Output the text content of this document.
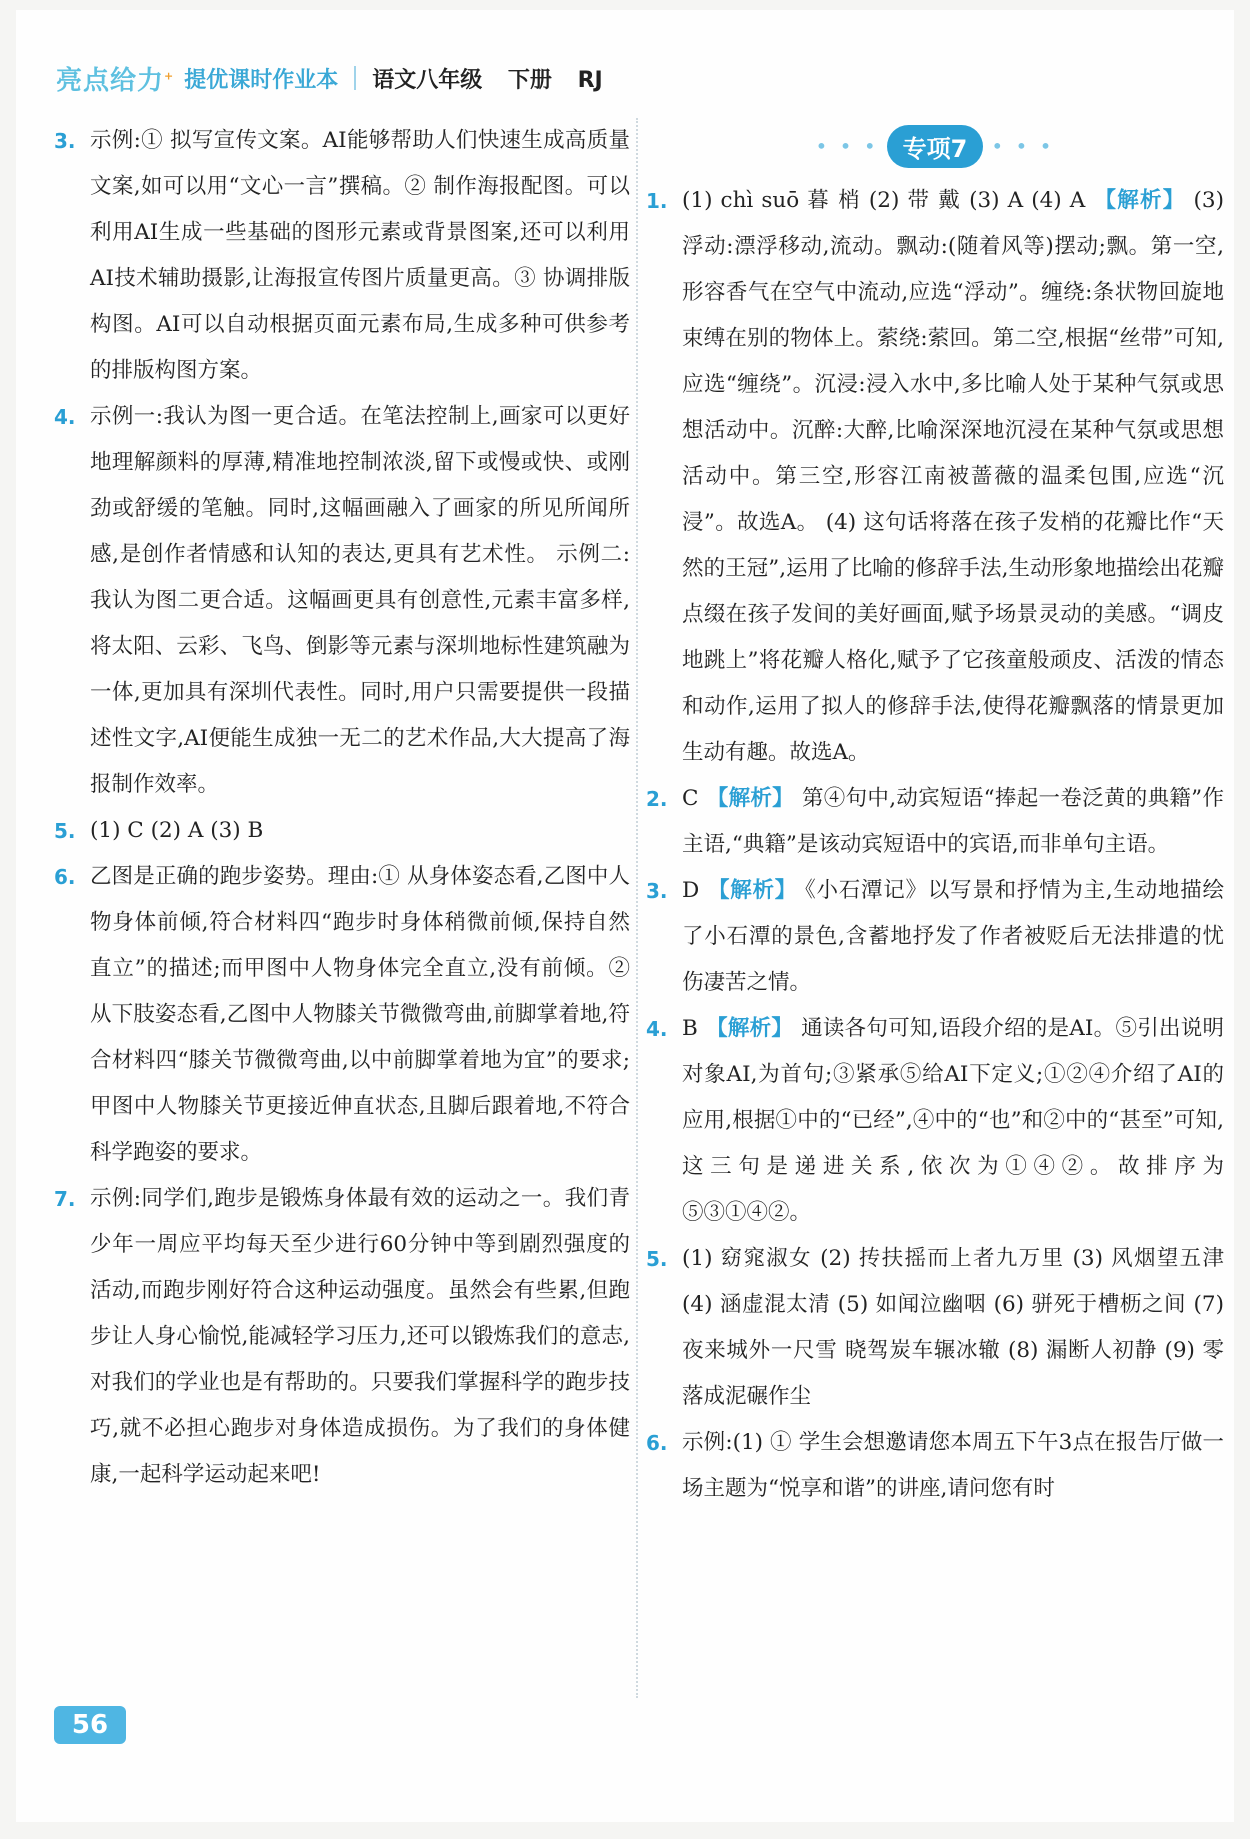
亮点给力+ 提优课时作业本 语文八年级 下册 RJ
3. 示例:① 拟写宣传文案。AI能够帮助人们快速生成高质量文案,如可以用“文心一言”撰稿。② 制作海报配图。可以利用AI生成一些基础的图形元素或背景图案,还可以利用AI技术辅助摄影,让海报宣传图片质量更高。③ 协调排版构图。AI可以自动根据页面元素布局,生成多种可供参考的排版构图方案。
4. 示例一:我认为图一更合适。在笔法控制上,画家可以更好地理解颜料的厚薄,精准地控制浓淡,留下或慢或快、或刚劲或舒缓的笔触。同时,这幅画融入了画家的所见所闻所感,是创作者情感和认知的表达,更具有艺术性。 示例二:我认为图二更合适。这幅画更具有创意性,元素丰富多样,将太阳、云彩、飞鸟、倒影等元素与深圳地标性建筑融为一体,更加具有深圳代表性。同时,用户只需要提供一段描述性文字,AI便能生成独一无二的艺术作品,大大提高了海报制作效率。
5. (1) C (2) A (3) B
6. 乙图是正确的跑步姿势。理由:① 从身体姿态看,乙图中人物身体前倾,符合材料四“跑步时身体稍微前倾,保持自然直立”的描述;而甲图中人物身体完全直立,没有前倾。② 从下肢姿态看,乙图中人物膝关节微微弯曲,前脚掌着地,符合材料四“膝关节微微弯曲,以中前脚掌着地为宜”的要求;甲图中人物膝关节更接近伸直状态,且脚后跟着地,不符合科学跑姿的要求。
7. 示例:同学们,跑步是锻炼身体最有效的运动之一。我们青少年一周应平均每天至少进行60分钟中等到剧烈强度的活动,而跑步刚好符合这种运动强度。虽然会有些累,但跑步让人身心愉悦,能减轻学习压力,还可以锻炼我们的意志,对我们的学业也是有帮助的。只要我们掌握科学的跑步技巧,就不必担心跑步对身体造成损伤。为了我们的身体健康,一起科学运动起来吧!
• • •	专项7	• • •
1. (1) chì suō 暮 梢 (2) 带 戴 (3) A (4) A 【解析】 (3) 浮动:漂浮移动,流动。飘动:(随着风等)摆动;飘。第一空,形容香气在空气中流动,应选“浮动”。缠绕:条状物回旋地束缚在别的物体上。萦绕:萦回。第二空,根据“丝带”可知,应选“缠绕”。沉浸:浸入水中,多比喻人处于某种气氛或思想活动中。沉醉:大醉,比喻深深地沉浸在某种气氛或思想活动中。第三空,形容江南被蔷薇的温柔包围,应选“沉浸”。故选A。 (4) 这句话将落在孩子发梢的花瓣比作“天然的王冠”,运用了比喻的修辞手法,生动形象地描绘出花瓣点缀在孩子发间的美好画面,赋予场景灵动的美感。“调皮地跳上”将花瓣人格化,赋予了它孩童般顽皮、活泼的情态和动作,运用了拟人的修辞手法,使得花瓣飘落的情景更加生动有趣。故选A。
2. C 【解析】 第④句中,动宾短语“捧起一卷泛黄的典籍”作主语,“典籍”是该动宾短语中的宾语,而非单句主语。
3. D 【解析】 《小石潭记》以写景和抒情为主,生动地描绘了小石潭的景色,含蓄地抒发了作者被贬后无法排遣的忧伤凄苦之情。
4. B 【解析】 通读各句可知,语段介绍的是AI。⑤引出说明对象AI,为首句;③紧承⑤给AI下定义;①②④介绍了AI的应用,根据①中的“已经”,④中的“也”和②中的“甚至”可知,这三句是递进关系,依次为①④②。故排序为⑤③①④②。
5. (1) 窈窕淑女 (2) 抟扶摇而上者九万里 (3) 风烟望五津 (4) 涵虚混太清 (5) 如闻泣幽咽 (6) 骈死于槽枥之间 (7) 夜来城外一尺雪 晓驾炭车辗冰辙 (8) 漏断人初静 (9) 零落成泥碾作尘
6. 示例:(1) ① 学生会想邀请您本周五下午3点在报告厅做一场主题为“悦享和谐”的讲座,请问您有时
56
